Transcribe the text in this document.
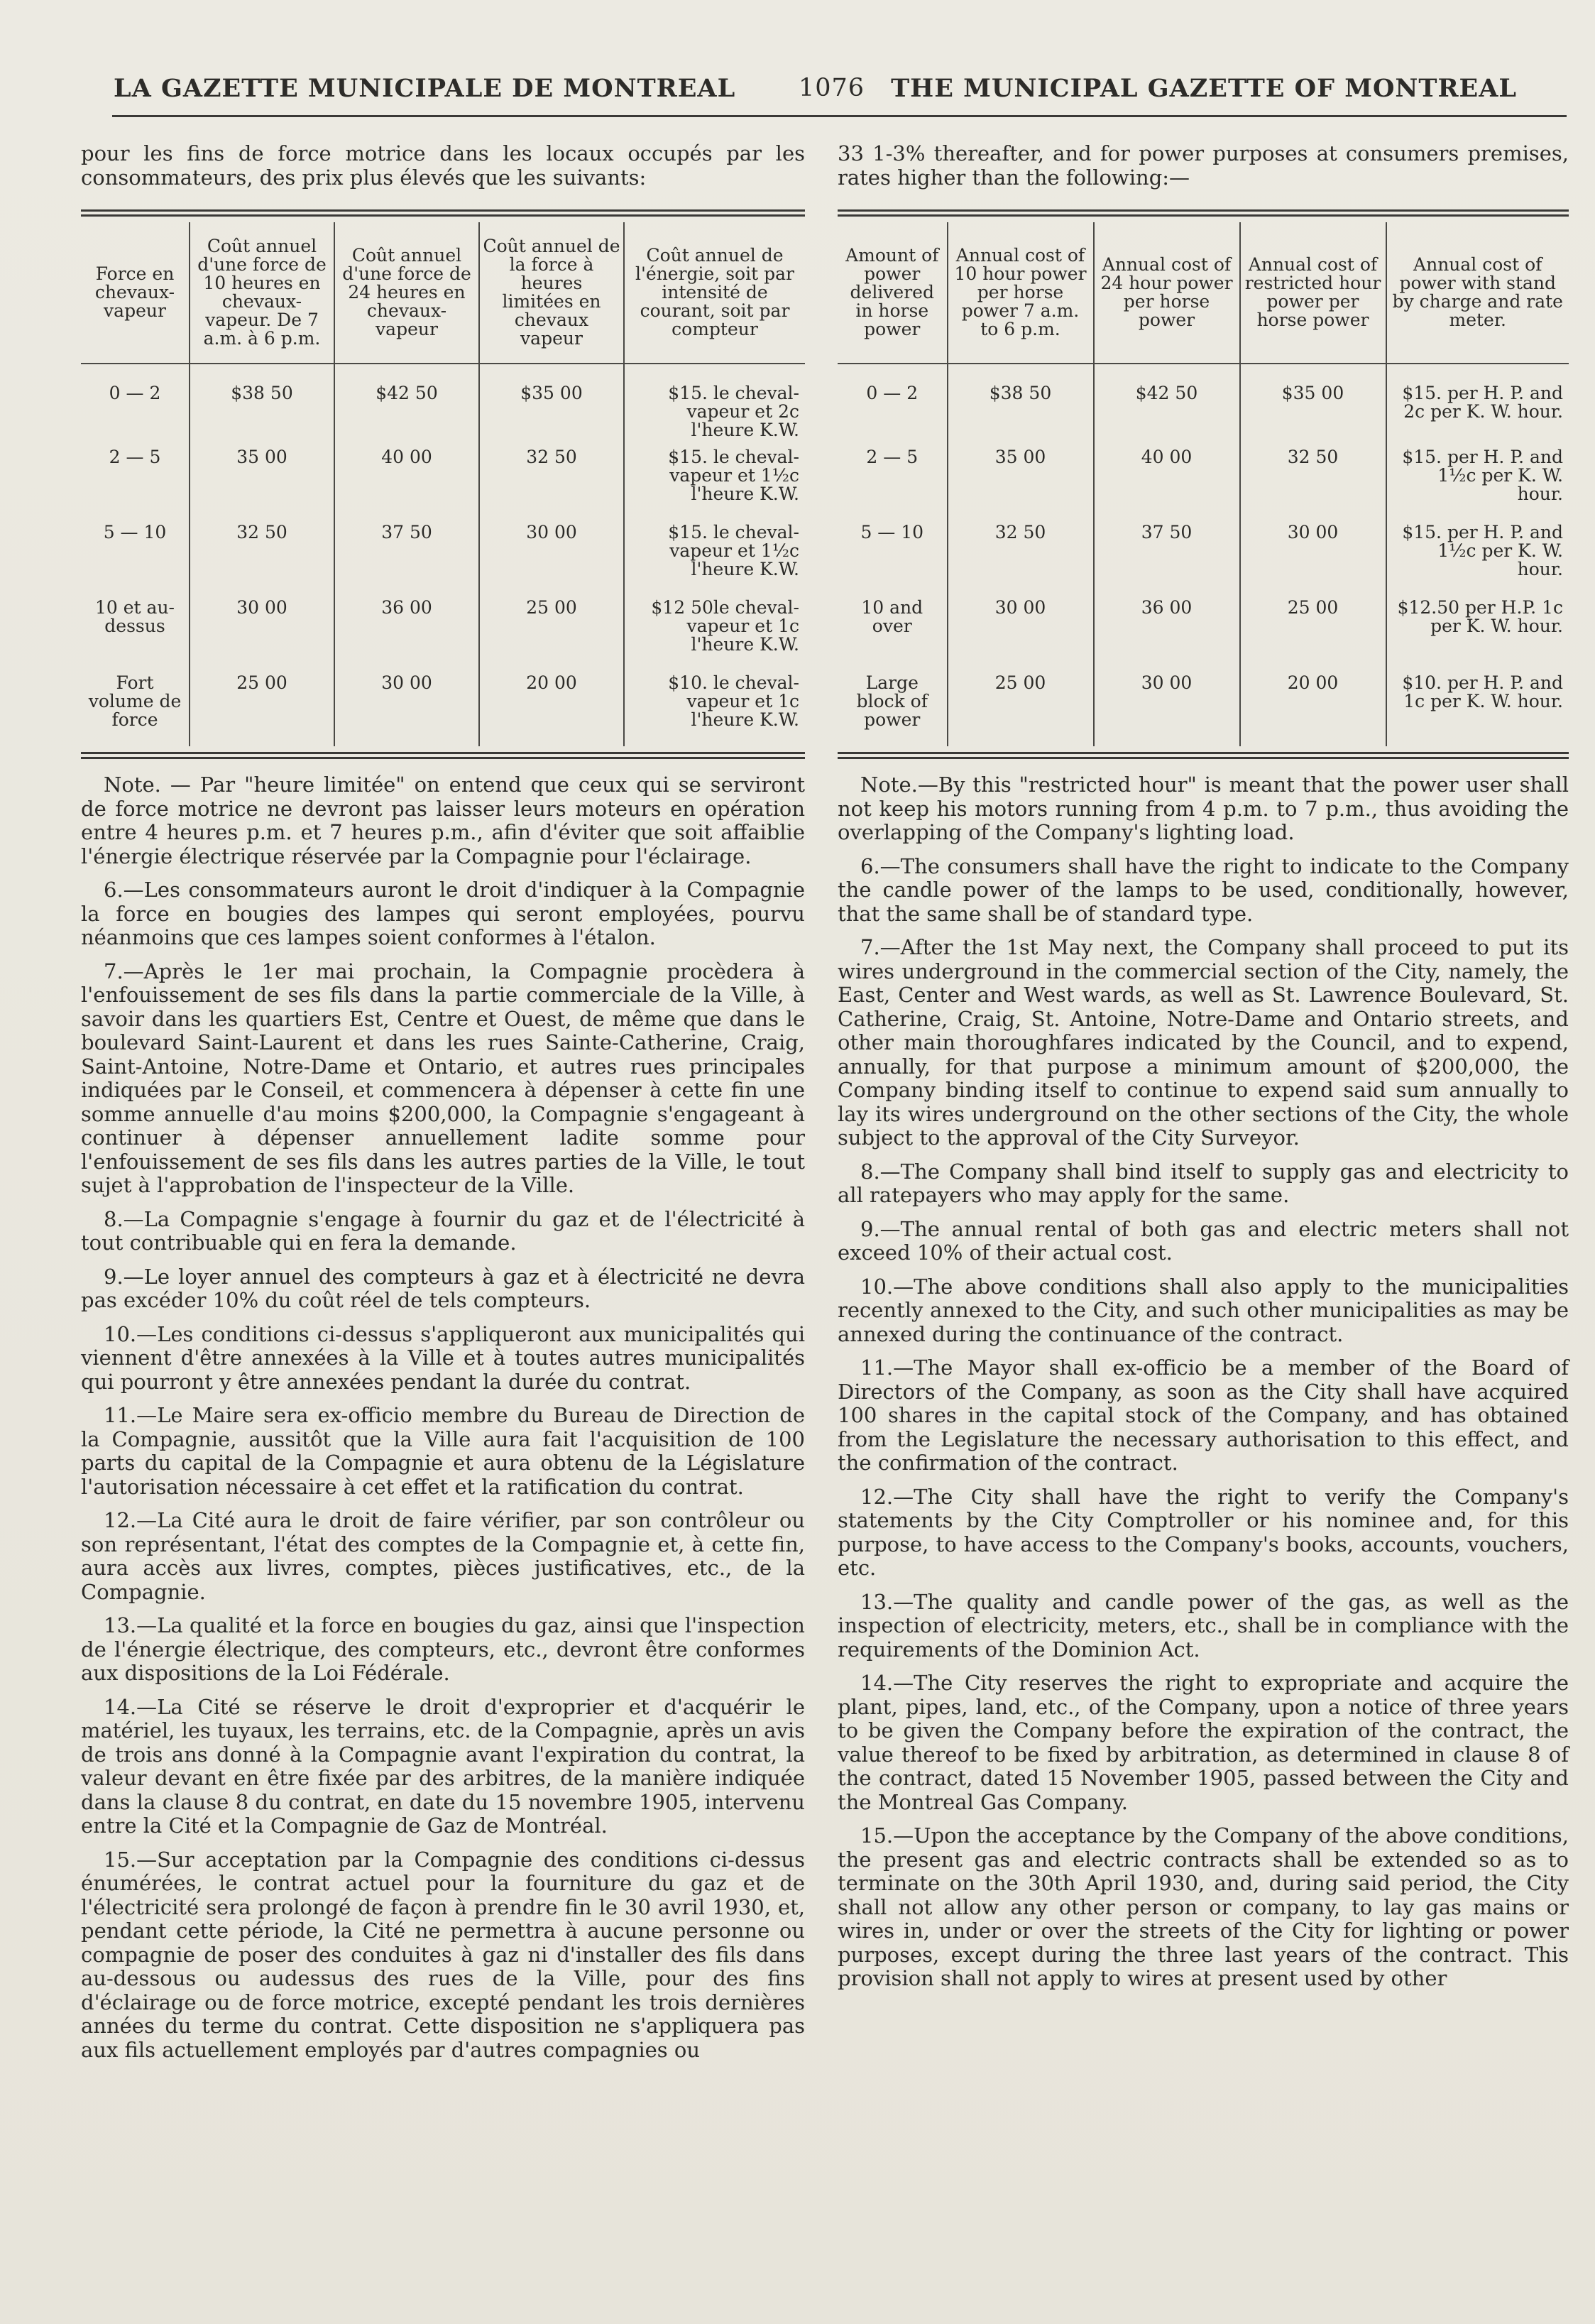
LA GAZETTE MUNICIPALE DE MONTREAL	1076 THE MUNICIPAL GAZETTE OF MONTREAL

pour les fins de force motrice dans les locaux occupés par les consommateurs, des prix plus élevés que les suivants:

Force en chevaux-vapeur	Coût annuel d'une force de 10 heures en chevaux-vapeur. De 7 a.m. à 6 p.m.	Coût annuel d'une force de 24 heures en chevaux-vapeur	Coût annuel de la force à heures limitées en chevaux vapeur	Coût annuel de l'énergie, soit par intensité de courant, soit par compteur
0 — 2	$38 50	$42 50	$35 00	$15. le cheval-vapeur et 2c l'heure K.W.
2 — 5	35 00	40 00	32 50	$15. le cheval-vapeur et 1½c l'heure K.W.
5 — 10	32 50	37 50	30 00	$15. le cheval-vapeur et 1½c l'heure K.W.
10 et au-dessus	30 00	36 00	25 00	$12 50le cheval-vapeur et 1c l'heure K.W.
Fort volume de force	25 00	30 00	20 00	$10. le cheval-vapeur et 1c l'heure K.W.

Note. — Par "heure limitée" on entend que ceux qui se serviront de force motrice ne devront pas laisser leurs moteurs en opération entre 4 heures p.m. et 7 heures p.m., afin d'éviter que soit affaiblie l'énergie électrique réservée par la Compagnie pour l'éclairage.

6.—Les consommateurs auront le droit d'indiquer à la Compagnie la force en bougies des lampes qui seront employées, pourvu néanmoins que ces lampes soient conformes à l'étalon.

7.—Après le 1er mai prochain, la Compagnie procèdera à l'enfouissement de ses fils dans la partie commerciale de la Ville, à savoir dans les quartiers Est, Centre et Ouest, de même que dans le boulevard Saint-Laurent et dans les rues Sainte-Catherine, Craig, Saint-Antoine, Notre-Dame et Ontario, et autres rues principales indiquées par le Conseil, et commencera à dépenser à cette fin une somme annuelle d'au moins $200,000, la Compagnie s'engageant à continuer à dépenser annuellement ladite somme pour l'enfouissement de ses fils dans les autres parties de la Ville, le tout sujet à l'approbation de l'inspecteur de la Ville.

8.—La Compagnie s'engage à fournir du gaz et de l'électricité à tout contribuable qui en fera la demande.

9.—Le loyer annuel des compteurs à gaz et à électricité ne devra pas excéder 10% du coût réel de tels compteurs.

10.—Les conditions ci-dessus s'appliqueront aux municipalités qui viennent d'être annexées à la Ville et à toutes autres municipalités qui pourront y être annexées pendant la durée du contrat.

11.—Le Maire sera ex-officio membre du Bureau de Direction de la Compagnie, aussitôt que la Ville aura fait l'acquisition de 100 parts du capital de la Compagnie et aura obtenu de la Législature l'autorisation nécessaire à cet effet et la ratification du contrat.

12.—La Cité aura le droit de faire vérifier, par son contrôleur ou son représentant, l'état des comptes de la Compagnie et, à cette fin, aura accès aux livres, comptes, pièces justificatives, etc., de la Compagnie.

13.—La qualité et la force en bougies du gaz, ainsi que l'inspection de l'énergie électrique, des compteurs, etc., devront être conformes aux dispositions de la Loi Fédérale.

14.—La Cité se réserve le droit d'exproprier et d'acquérir le matériel, les tuyaux, les terrains, etc. de la Compagnie, après un avis de trois ans donné à la Compagnie avant l'expiration du contrat, la valeur devant en être fixée par des arbitres, de la manière indiquée dans la clause 8 du contrat, en date du 15 novembre 1905, intervenu entre la Cité et la Compagnie de Gaz de Montréal.

15.—Sur acceptation par la Compagnie des conditions ci-dessus énumérées, le contrat actuel pour la fourniture du gaz et de l'électricité sera prolongé de façon à prendre fin le 30 avril 1930, et, pendant cette période, la Cité ne permettra à aucune personne ou compagnie de poser des conduites à gaz ni d'installer des fils dans au-dessous ou audessus des rues de la Ville, pour des fins d'éclairage ou de force motrice, excepté pendant les trois dernières années du terme du contrat. Cette disposition ne s'appliquera pas aux fils actuellement employés par d'autres compagnies ou

33 1-3% thereafter, and for power purposes at consumers premises, rates higher than the following:—

Amount of power delivered in horse power	Annual cost of 10 hour power per horse power 7 a.m. to 6 p.m.	Annual cost of 24 hour power per horse power	Annual cost of restricted hour power per horse power	Annual cost of power with stand by charge and rate meter.
0 — 2	$38 50	$42 50	$35 00	$15. per H. P. and 2c per K. W. hour.
2 — 5	35 00	40 00	32 50	$15. per H. P. and 1½c per K. W. hour.
5 — 10	32 50	37 50	30 00	$15. per H. P. and 1½c per K. W. hour.
10 and over	30 00	36 00	25 00	$12.50 per H.P. 1c per K. W. hour.
Large block of power	25 00	30 00	20 00	$10. per H. P. and 1c per K. W. hour.

Note.—By this "restricted hour" is meant that the power user shall not keep his motors running from 4 p.m. to 7 p.m., thus avoiding the overlapping of the Company's lighting load.

6.—The consumers shall have the right to indicate to the Company the candle power of the lamps to be used, conditionally, however, that the same shall be of standard type.

7.—After the 1st May next, the Company shall proceed to put its wires underground in the commercial section of the City, namely, the East, Center and West wards, as well as St. Lawrence Boulevard, St. Catherine, Craig, St. Antoine, Notre-Dame and Ontario streets, and other main thoroughfares indicated by the Council, and to expend, annually, for that purpose a minimum amount of $200,000, the Company binding itself to continue to expend said sum annually to lay its wires underground on the other sections of the City, the whole subject to the approval of the City Surveyor.

8.—The Company shall bind itself to supply gas and electricity to all ratepayers who may apply for the same.

9.—The annual rental of both gas and electric meters shall not exceed 10% of their actual cost.

10.—The above conditions shall also apply to the municipalities recently annexed to the City, and such other municipalities as may be annexed during the continuance of the contract.

11.—The Mayor shall ex-officio be a member of the Board of Directors of the Company, as soon as the City shall have acquired 100 shares in the capital stock of the Company, and has obtained from the Legislature the necessary authorisation to this effect, and the confirmation of the contract.

12.—The City shall have the right to verify the Company's statements by the City Comptroller or his nominee and, for this purpose, to have access to the Company's books, accounts, vouchers, etc.

13.—The quality and candle power of the gas, as well as the inspection of electricity, meters, etc., shall be in compliance with the requirements of the Dominion Act.

14.—The City reserves the right to expropriate and acquire the plant, pipes, land, etc., of the Company, upon a notice of three years to be given the Company before the expiration of the contract, the value thereof to be fixed by arbitration, as determined in clause 8 of the contract, dated 15 November 1905, passed between the City and the Montreal Gas Company.

15.—Upon the acceptance by the Company of the above conditions, the present gas and electric contracts shall be extended so as to terminate on the 30th April 1930, and, during said period, the City shall not allow any other person or company, to lay gas mains or wires in, under or over the streets of the City for lighting or power purposes, except during the three last years of the contract. This provision shall not apply to wires at present used by other
